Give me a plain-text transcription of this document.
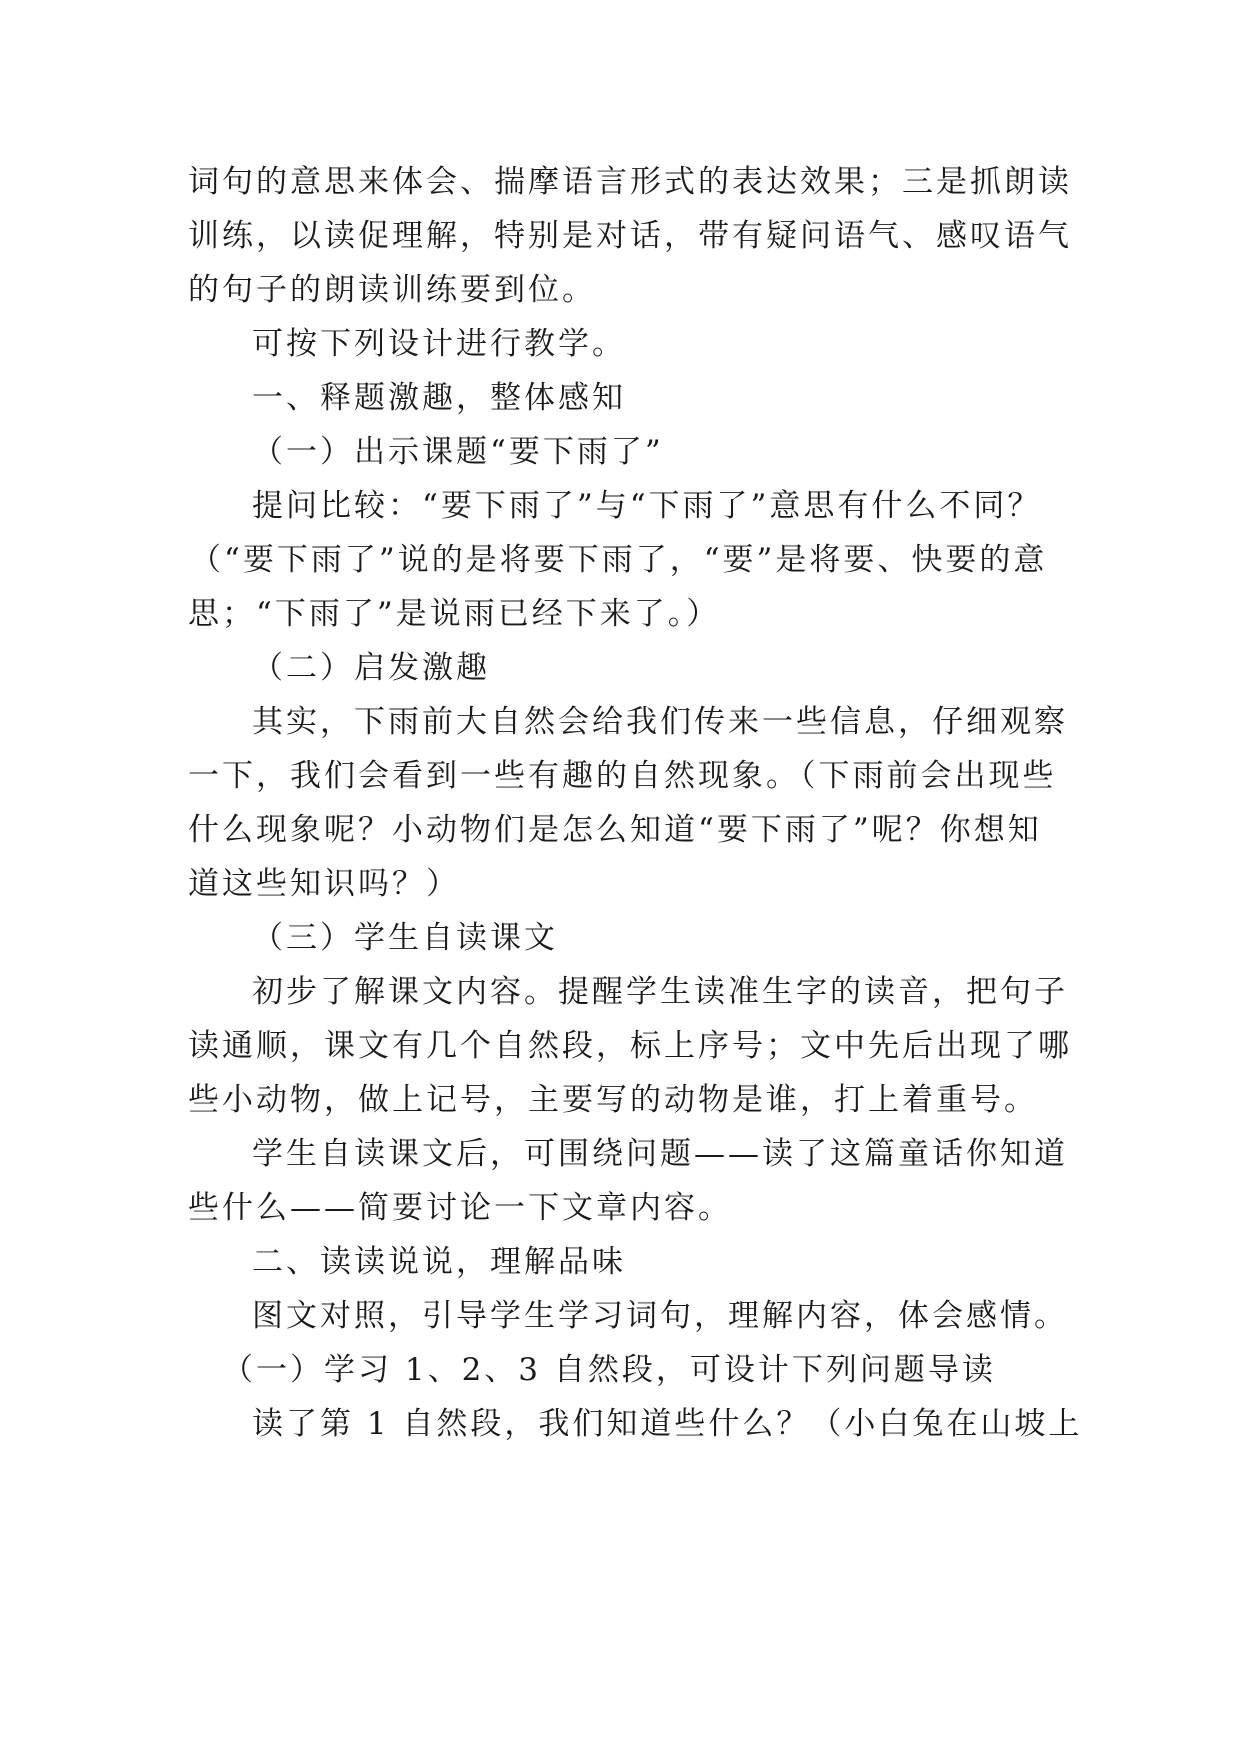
词句的意思来体会、揣摩语言形式的表达效果；三是抓朗读
训练，以读促理解，特别是对话，带有疑问语气、感叹语气
的句子的朗读训练要到位。
可按下列设计进行教学。
一、释题激趣，整体感知
（一）出示课题“要下雨了”
提问比较：“要下雨了”与“下雨了”意思有什么不同？
（“要下雨了”说的是将要下雨了，“要”是将要、快要的意
思；“下雨了”是说雨已经下来了。）
（二）启发激趣
其实，下雨前大自然会给我们传来一些信息，仔细观察
一下，我们会看到一些有趣的自然现象。（下雨前会出现些
什么现象呢？小动物们是怎么知道“要下雨了”呢？你想知
道这些知识吗？）
（三）学生自读课文
初步了解课文内容。提醒学生读准生字的读音，把句子
读通顺，课文有几个自然段，标上序号；文中先后出现了哪
些小动物，做上记号，主要写的动物是谁，打上着重号。
学生自读课文后，可围绕问题——读了这篇童话你知道
些什么——简要讨论一下文章内容。
二、读读说说，理解品味
图文对照，引导学生学习词句，理解内容，体会感情。
（一）学习 1、2、3 自然段，可设计下列问题导读
读了第 1 自然段，我们知道些什么？（小白兔在山坡上
